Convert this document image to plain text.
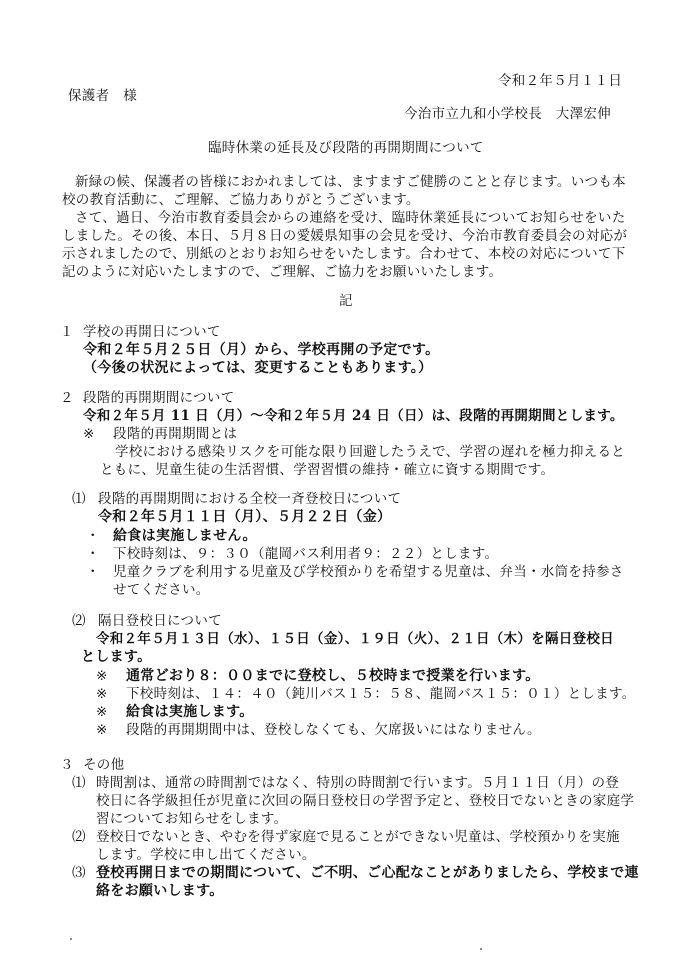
令和２年５月１１日
保護者　様
今治市立九和小学校長　大澤宏伸
臨時休業の延長及び段階的再開期間について
新緑の候、保護者の皆様におかれましては、ますますご健勝のことと存じます。いつも本
校の教育活動に、ご理解、ご協力ありがとうございます。
さて、過日、今治市教育委員会からの連絡を受け、臨時休業延長についてお知らせをいた
しました。その後、本日、５月８日の愛媛県知事の会見を受け、今治市教育委員会の対応が
示されましたので、別紙のとおりお知らせをいたします。合わせて、本校の対応について下
記のように対応いたしますので、ご理解、ご協力をお願いいたします。
記
１ 学校の再開日について
令和２年５月２５日（月）から、学校再開の予定です。
（今後の状況によっては、変更することもあります。）
２ 段階的再開期間について
令和２年５月 11 日（月）～令和２年５月 24 日（日）は、段階的再開期間とします。
※ 段階的再開期間とは
学校における感染リスクを可能な限り回避したうえで、学習の遅れを極力抑えると
ともに、児童生徒の生活習慣、学習習慣の維持・確立に資する期間です。
⑴ 段階的再開期間における全校一斉登校日について
令和２年５月１１日（月）、５月２２日（金）
・ 給食は実施しません。
・ 下校時刻は、９：３０（龍岡バス利用者９：２２）とします。
・ 児童クラブを利用する児童及び学校預かりを希望する児童は、弁当・水筒を持参さ
せてください。
⑵ 隔日登校日について
令和２年５月１３日（水）、１５日（金）、１９日（火）、２１日（木）を隔日登校日
とします。
※ 通常どおり８：００までに登校し、５校時まで授業を行います。
※ 下校時刻は、１４：４０（鈍川バス１５：５８、龍岡バス１５：０１）とします。
※ 給食は実施します。
※ 段階的再開期間中は、登校しなくても、欠席扱いにはなりません。
３ その他
⑴ 時間割は、通常の時間割ではなく、特別の時間割で行います。５月１１日（月）の登
校日に各学級担任が児童に次回の隔日登校日の学習予定と、登校日でないときの家庭学
習についてお知らせをします。
⑵ 登校日でないとき、やむを得ず家庭で見ることができない児童は、学校預かりを実施
します。学校に申し出てください。
⑶ 登校再開日までの期間について、ご不明、ご心配なことがありましたら、学校まで連
絡をお願いします。
